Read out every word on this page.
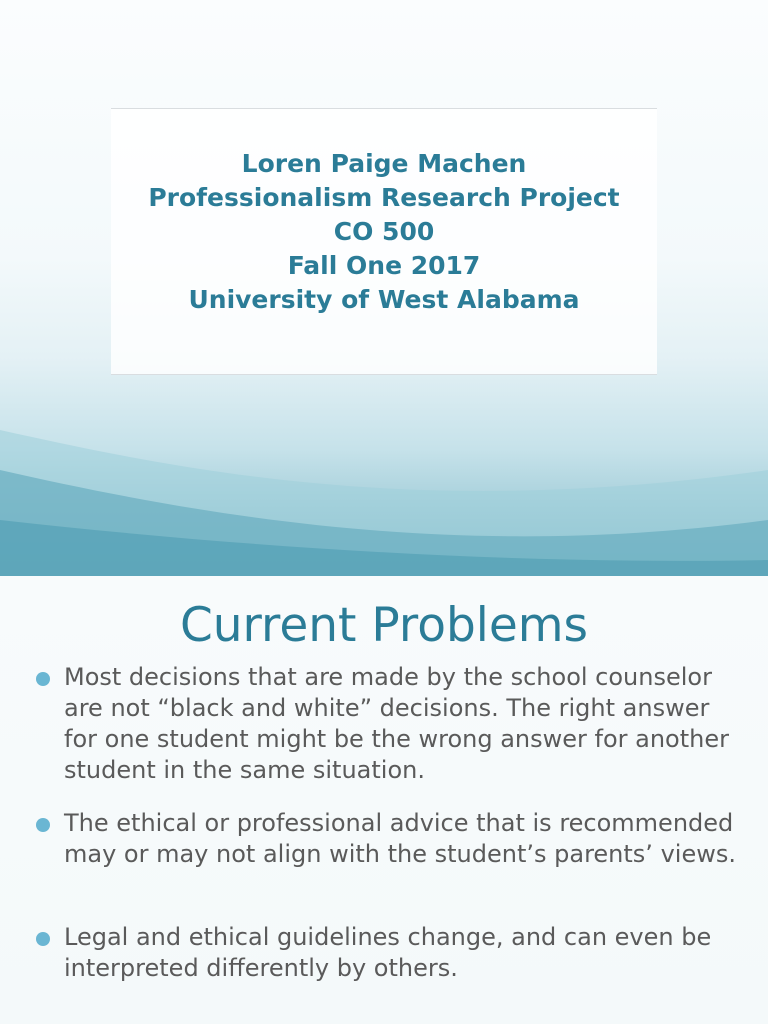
Loren Paige Machen
Professionalism Research Project
CO 500
Fall One 2017
University of West Alabama
Current Problems
Most decisions that are made by the school counselor are not “black and white” decisions. The right answer for one student might be the wrong answer for another student in the same situation.
The ethical or professional advice that is recommended may or may not align with the student’s parents’ views.
Legal and ethical guidelines change, and can even be interpreted differently by others.
